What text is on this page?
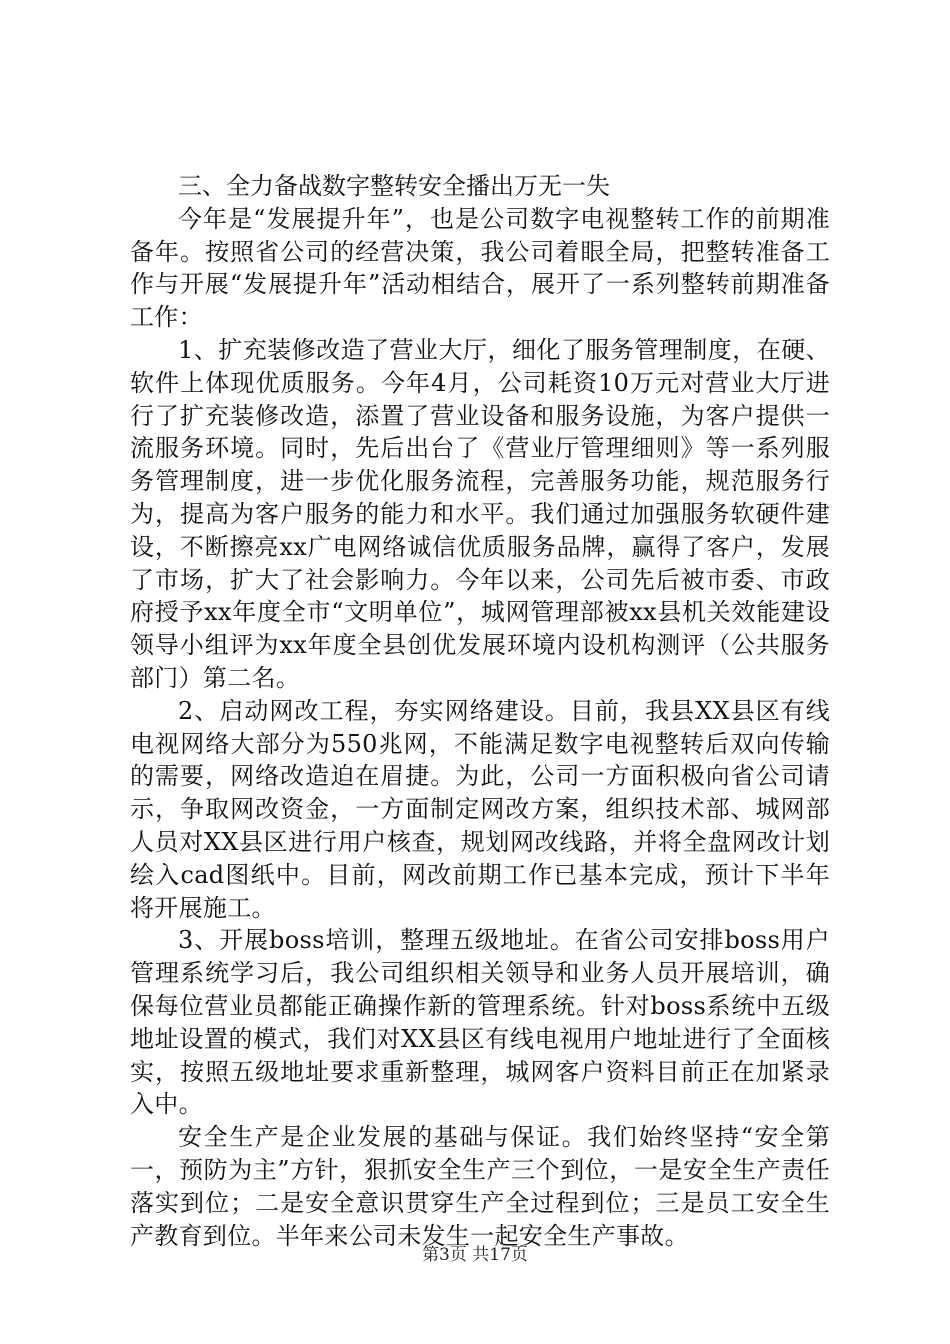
三、全力备战数字整转安全播出万无一失

今年是“发展提升年”，也是公司数字电视整转工作的前期准备年。按照省公司的经营决策，我公司着眼全局，把整转准备工作与开展“发展提升年”活动相结合，展开了一系列整转前期准备工作：

1、扩充装修改造了营业大厅，细化了服务管理制度，在硬、软件上体现优质服务。今年4月，公司耗资10万元对营业大厅进行了扩充装修改造，添置了营业设备和服务设施，为客户提供一流服务环境。同时，先后出台了《营业厅管理细则》等一系列服务管理制度，进一步优化服务流程，完善服务功能，规范服务行为，提高为客户服务的能力和水平。我们通过加强服务软硬件建设，不断擦亮xx广电网络诚信优质服务品牌，赢得了客户，发展了市场，扩大了社会影响力。今年以来，公司先后被市委、市政府授予xx年度全市“文明单位”，城网管理部被xx县机关效能建设领导小组评为xx年度全县创优发展环境内设机构测评（公共服务部门）第二名。

2、启动网改工程，夯实网络建设。目前，我县XX县区有线电视网络大部分为550兆网，不能满足数字电视整转后双向传输的需要，网络改造迫在眉捷。为此，公司一方面积极向省公司请示，争取网改资金，一方面制定网改方案，组织技术部、城网部人员对XX县区进行用户核查，规划网改线路，并将全盘网改计划绘入cad图纸中。目前，网改前期工作已基本完成，预计下半年将开展施工。

3、开展boss培训，整理五级地址。在省公司安排boss用户管理系统学习后，我公司组织相关领导和业务人员开展培训，确保每位营业员都能正确操作新的管理系统。针对boss系统中五级地址设置的模式，我们对XX县区有线电视用户地址进行了全面核实，按照五级地址要求重新整理，城网客户资料目前正在加紧录入中。

安全生产是企业发展的基础与保证。我们始终坚持“安全第一，预防为主”方针，狠抓安全生产三个到位，一是安全生产责任落实到位；二是安全意识贯穿生产全过程到位；三是员工安全生产教育到位。半年来公司未发生一起安全生产事故。

第3页 共17页
